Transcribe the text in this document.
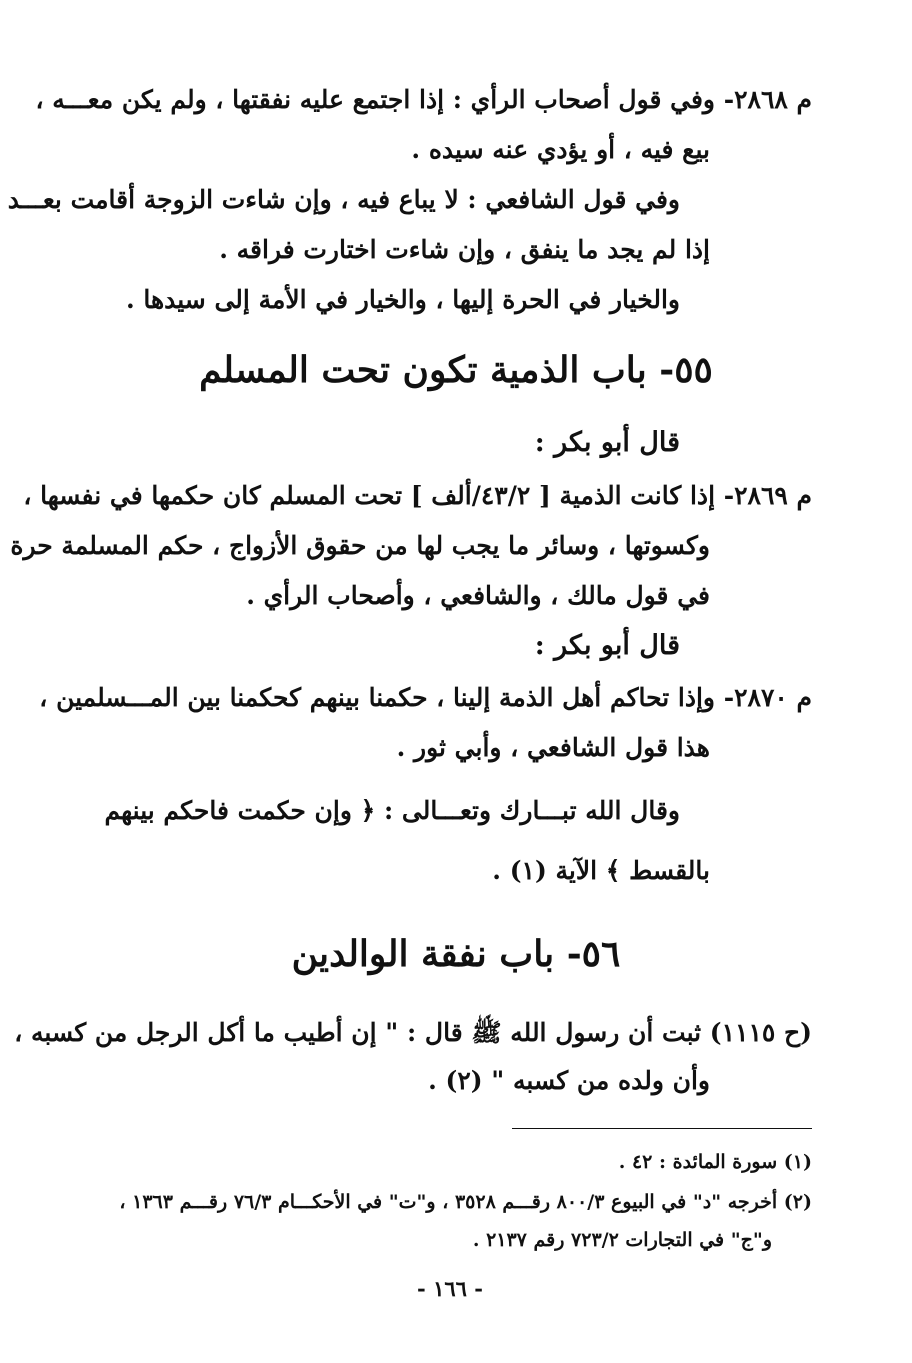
م ٢٨٦٨- وفي قول أصحاب الرأي : إذا اجتمع عليه نفقتها ، ولم يكن معـــه ،
بيع فيه ، أو يؤدي عنه سيده .
وفي قول الشافعي : لا يباع فيه ، وإن شاءت الزوجة أقامت بعـــد
إذا لم يجد ما ينفق ، وإن شاءت اختارت فراقه .
والخيار في الحرة إليها ، والخيار في الأمة إلى سيدها .
٥٥- باب الذمية تكون تحت المسلم
قال أبو بكر :
م ٢٨٦٩- إذا كانت الذمية [ ٤٣/٢/ألف ] تحت المسلم كان حكمها في نفسها ،
وكسوتها ، وسائر ما يجب لها من حقوق الأزواج ، حكم المسلمة حرة
في قول مالك ، والشافعي ، وأصحاب الرأي .
قال أبو بكر :
م ٢٨٧٠- وإذا تحاكم أهل الذمة إلينا ، حكمنا بينهم كحكمنا بين المـــسلمين ،
هذا قول الشافعي ، وأبي ثور .
وقال الله تبـــارك وتعـــالى : ﴿ وإن حكمت فاحكم بينهم
بالقسط ﴾ الآية (١) .
٥٦- باب نفقة الوالدين
(ح ١١١٥) ثبت أن رسول الله ﷺ قال : " إن أطيب ما أكل الرجل من كسبه ،
وأن ولده من كسبه " (٢) .
(١) سورة المائدة : ٤٢ .
(٢) أخرجه "د" في البيوع ٨٠٠/٣ رقـــم ٣٥٢٨ ، و"ت" في الأحكـــام ٧٦/٣ رقـــم ١٣٦٣ ،
و"ج" في التجارات ٧٢٣/٢ رقم ٢١٣٧ .
- ١٦٦ -
